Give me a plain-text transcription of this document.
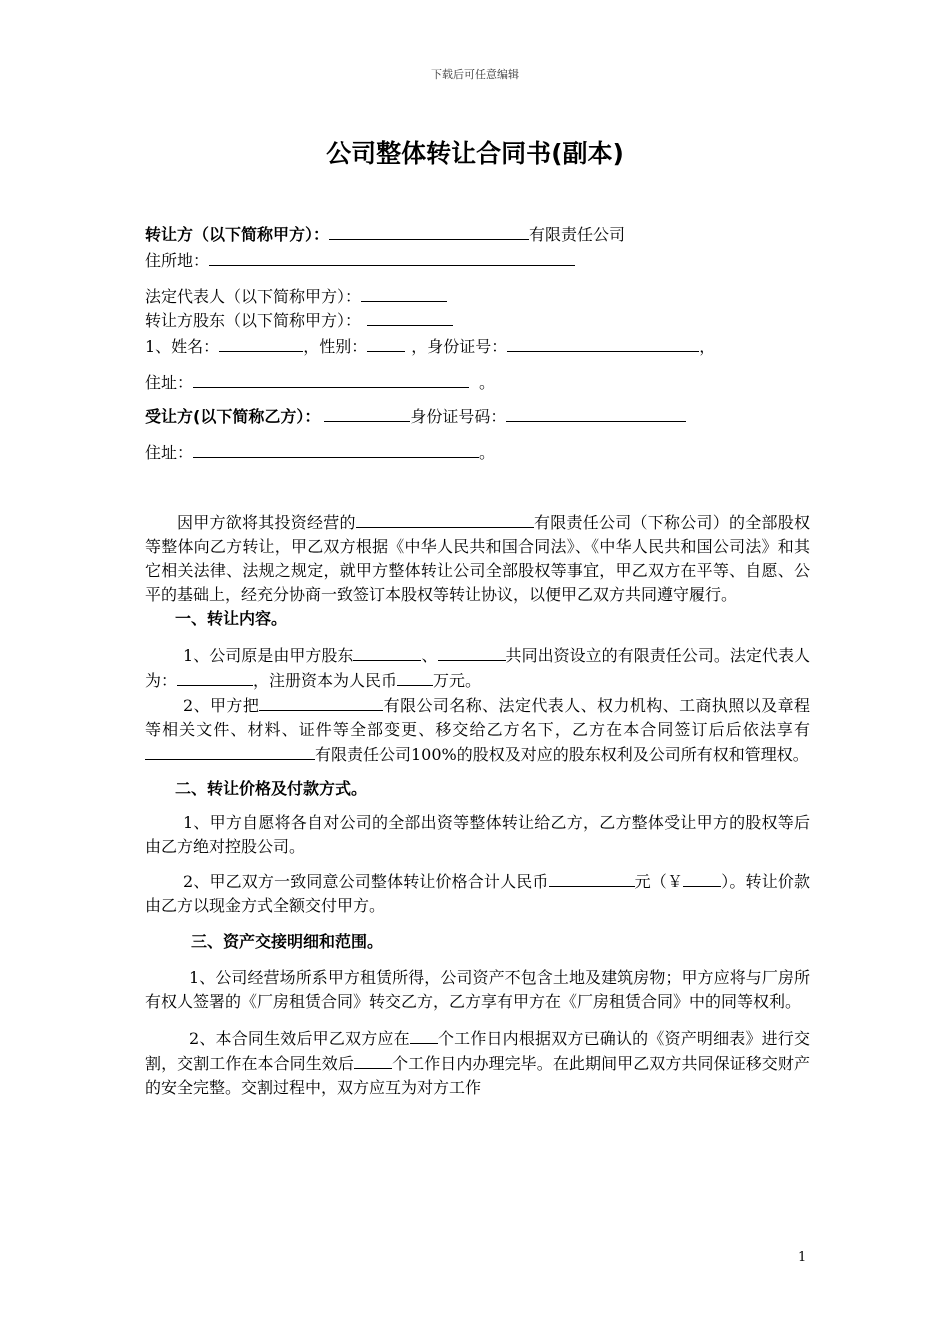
下载后可任意编辑
公司整体转让合同书(副本)
转让方（以下简称甲方）：	有限责任公司
住所地：
法定代表人（以下简称甲方）：
转让方股东（以下简称甲方）：
1、姓名：	，性别：	，身份证号：	，
住址：	。
受让方(以下简称乙方）：	身份证号码：
住址：	。

因甲方欲将其投资经营的	有限责任公司（下称公司）的全部股权等整体向乙方转让，甲乙双方根据《中华人民共和国合同法》、《中华人民共和国公司法》和其它相关法律、法规之规定，就甲方整体转让公司全部股权等事宜，甲乙双方在平等、自愿、公平的基础上，经充分协商一致签订本股权等转让协议，以便甲乙双方共同遵守履行。

一、转让内容。

1、公司原是由甲方股东	、	共同出资设立的有限责任公司。法定代表人为：	，注册资本为人民币 万元。

2、甲方把	有限公司名称、法定代表人、权力机构、工商执照以及章程等相关文件、材料、证件等全部变更、移交给乙方名下，乙方在本合同签订后后依法享有有限责任公司100%的股权及对应的股东权利及公司所有权和管理权。

二、转让价格及付款方式。

1、甲方自愿将各自对公司的全部出资等整体转让给乙方，乙方整体受让甲方的股权等后由乙方绝对控股公司。

2、甲乙双方一致同意公司整体转让价格合计人民币	元（￥ ）。转让价款由乙方以现金方式全额交付甲方。

三、资产交接明细和范围。

1、公司经营场所系甲方租赁所得，公司资产不包含土地及建筑房物；甲方应将与厂房所有权人签署的《厂房租赁合同》转交乙方，乙方享有甲方在《厂房租赁合同》中的同等权利。

2、本合同生效后甲乙双方应在 个工作日内根据双方已确认的《资产明细表》进行交割，交割工作在本合同生效后 个工作日内办理完毕。在此期间甲乙双方共同保证移交财产的安全完整。交割过程中，双方应互为对方工作

1
